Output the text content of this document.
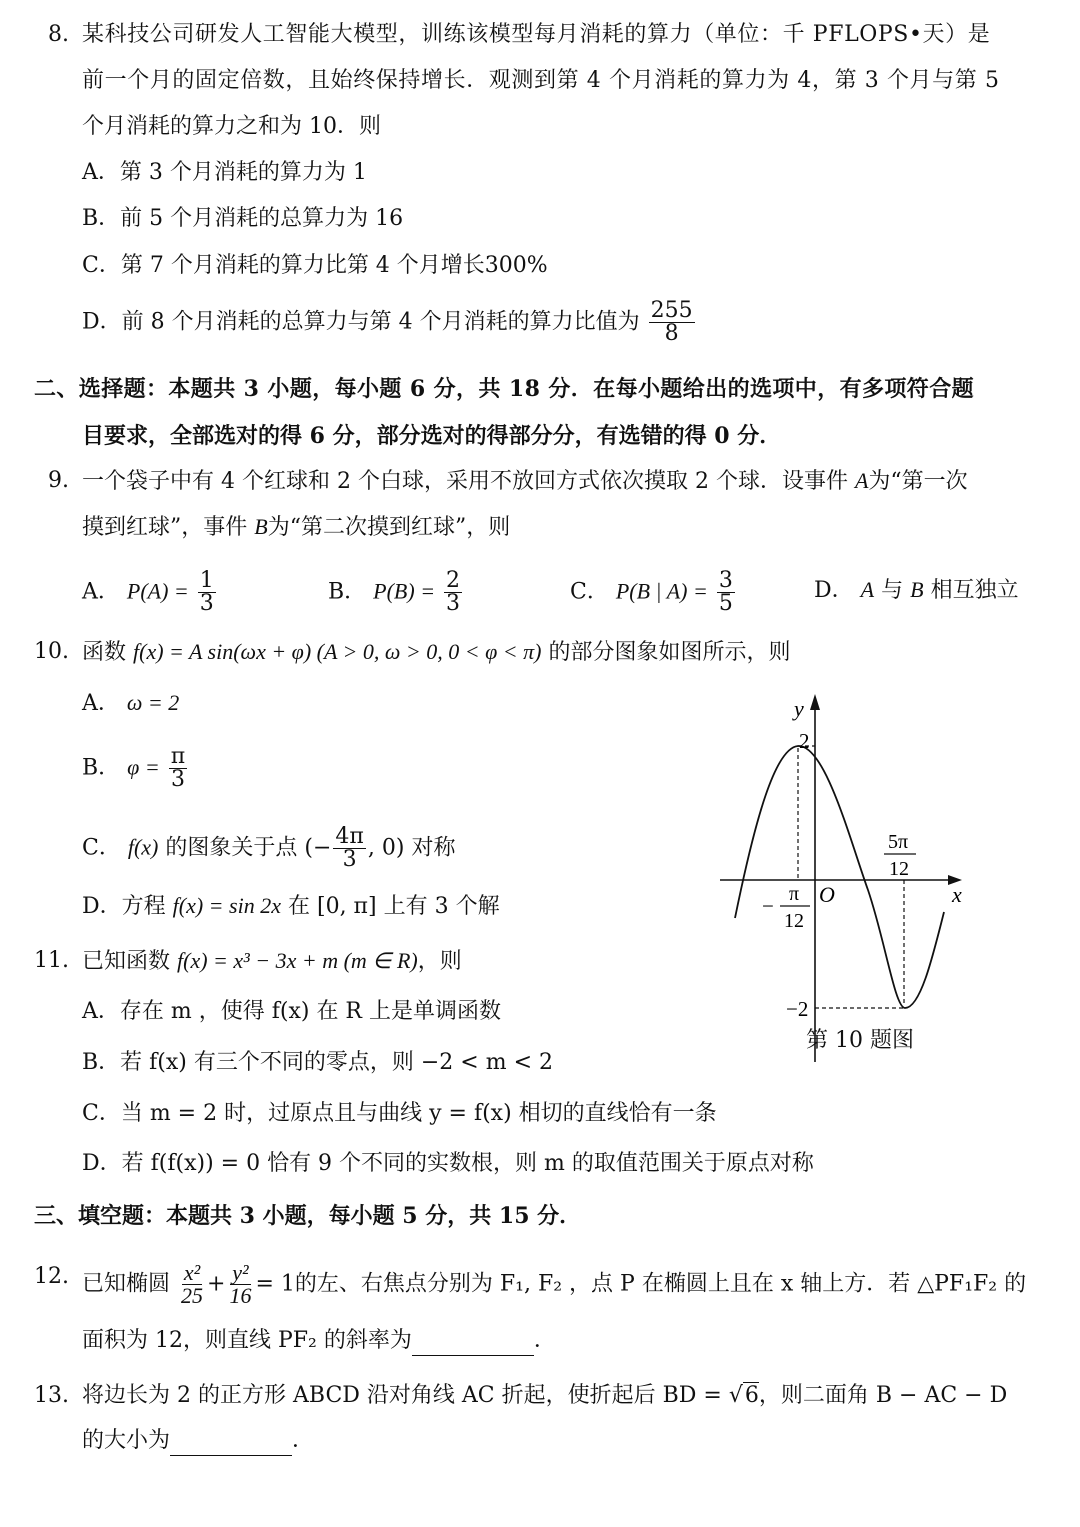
8. 某科技公司研发人工智能大模型，训练该模型每月消耗的算力（单位：千 PFLOPS•天）是
前一个月的固定倍数，且始终保持增长．观测到第 4 个月消耗的算力为 4，第 3 个月与第 5
个月消耗的算力之和为 10．则
A．第 3 个月消耗的算力为 1
B．前 5 个月消耗的总算力为 16
C．第 7 个月消耗的算力比第 4 个月增长300%
D．前 8 个月消耗的总算力与第 4 个月消耗的算力比值为 $\frac{255}{8}$
二、选择题：本题共 3 小题，每小题 6 分，共 18 分．在每小题给出的选项中，有多项符合题
目要求，全部选对的得 6 分，部分选对的得部分分，有选错的得 0 分．
9. 一个袋子中有 4 个红球和 2 个白球，采用不放回方式依次摸取 2 个球．设事件 A为“第一次
摸到红球”，事件 B为“第二次摸到红球”，则
A． $P(A) = \frac{1}{3}$	B． $P(B) = \frac{2}{3}$	C． P(B | $A) = \frac{3}{5}$	D． A 与 B 相互独立
10. 函数 f(x) = A sin(ωx + φ) (A > 0, ω > 0, 0 < φ < π) 的部分图象如图所示，则
A． ω = 2
B． $\varphi = \frac{\pi}{3}$
C． f(x) 的图象关于点 (− $\frac{4\pi}{3}$ , 0) 对称
D．方程 f(x) = sin 2x 在 [0, π] 上有 3 个解
y
x
O
2
−2
− π
12
5π
12
第 10 题图
11. 已知函数 f(x) = x³ − 3x + m (m ∈ R)，则
A．存在 m ，使得 f(x) 在 R 上是单调函数
B．若 f(x) 有三个不同的零点，则 −2 < m < 2
C．当 m = 2 时，过原点且与曲线 y = f(x) 相切的直线恰有一条
D．若 f(f(x)) = 0 恰有 9 个不同的实数根，则 m 的取值范围关于原点对称
三、填空题：本题共 3 小题，每小题 5 分，共 15 分．
12. 已知椭圆 $\frac{\text{x²}}{25} + \frac{\text{y²}}{16} = 1$的左、右焦点分别为 F₁, F₂ ，点 P 在椭圆上且在 x 轴上方．若 △PF₁F₂ 的
面积为 12，则直线 PF₂ 的斜率为	．
13. 将边长为 2 的正方形 ABCD 沿对角线 AC 折起，使折起后 BD = √6，则二面角 B − AC − D
的大小为	．
